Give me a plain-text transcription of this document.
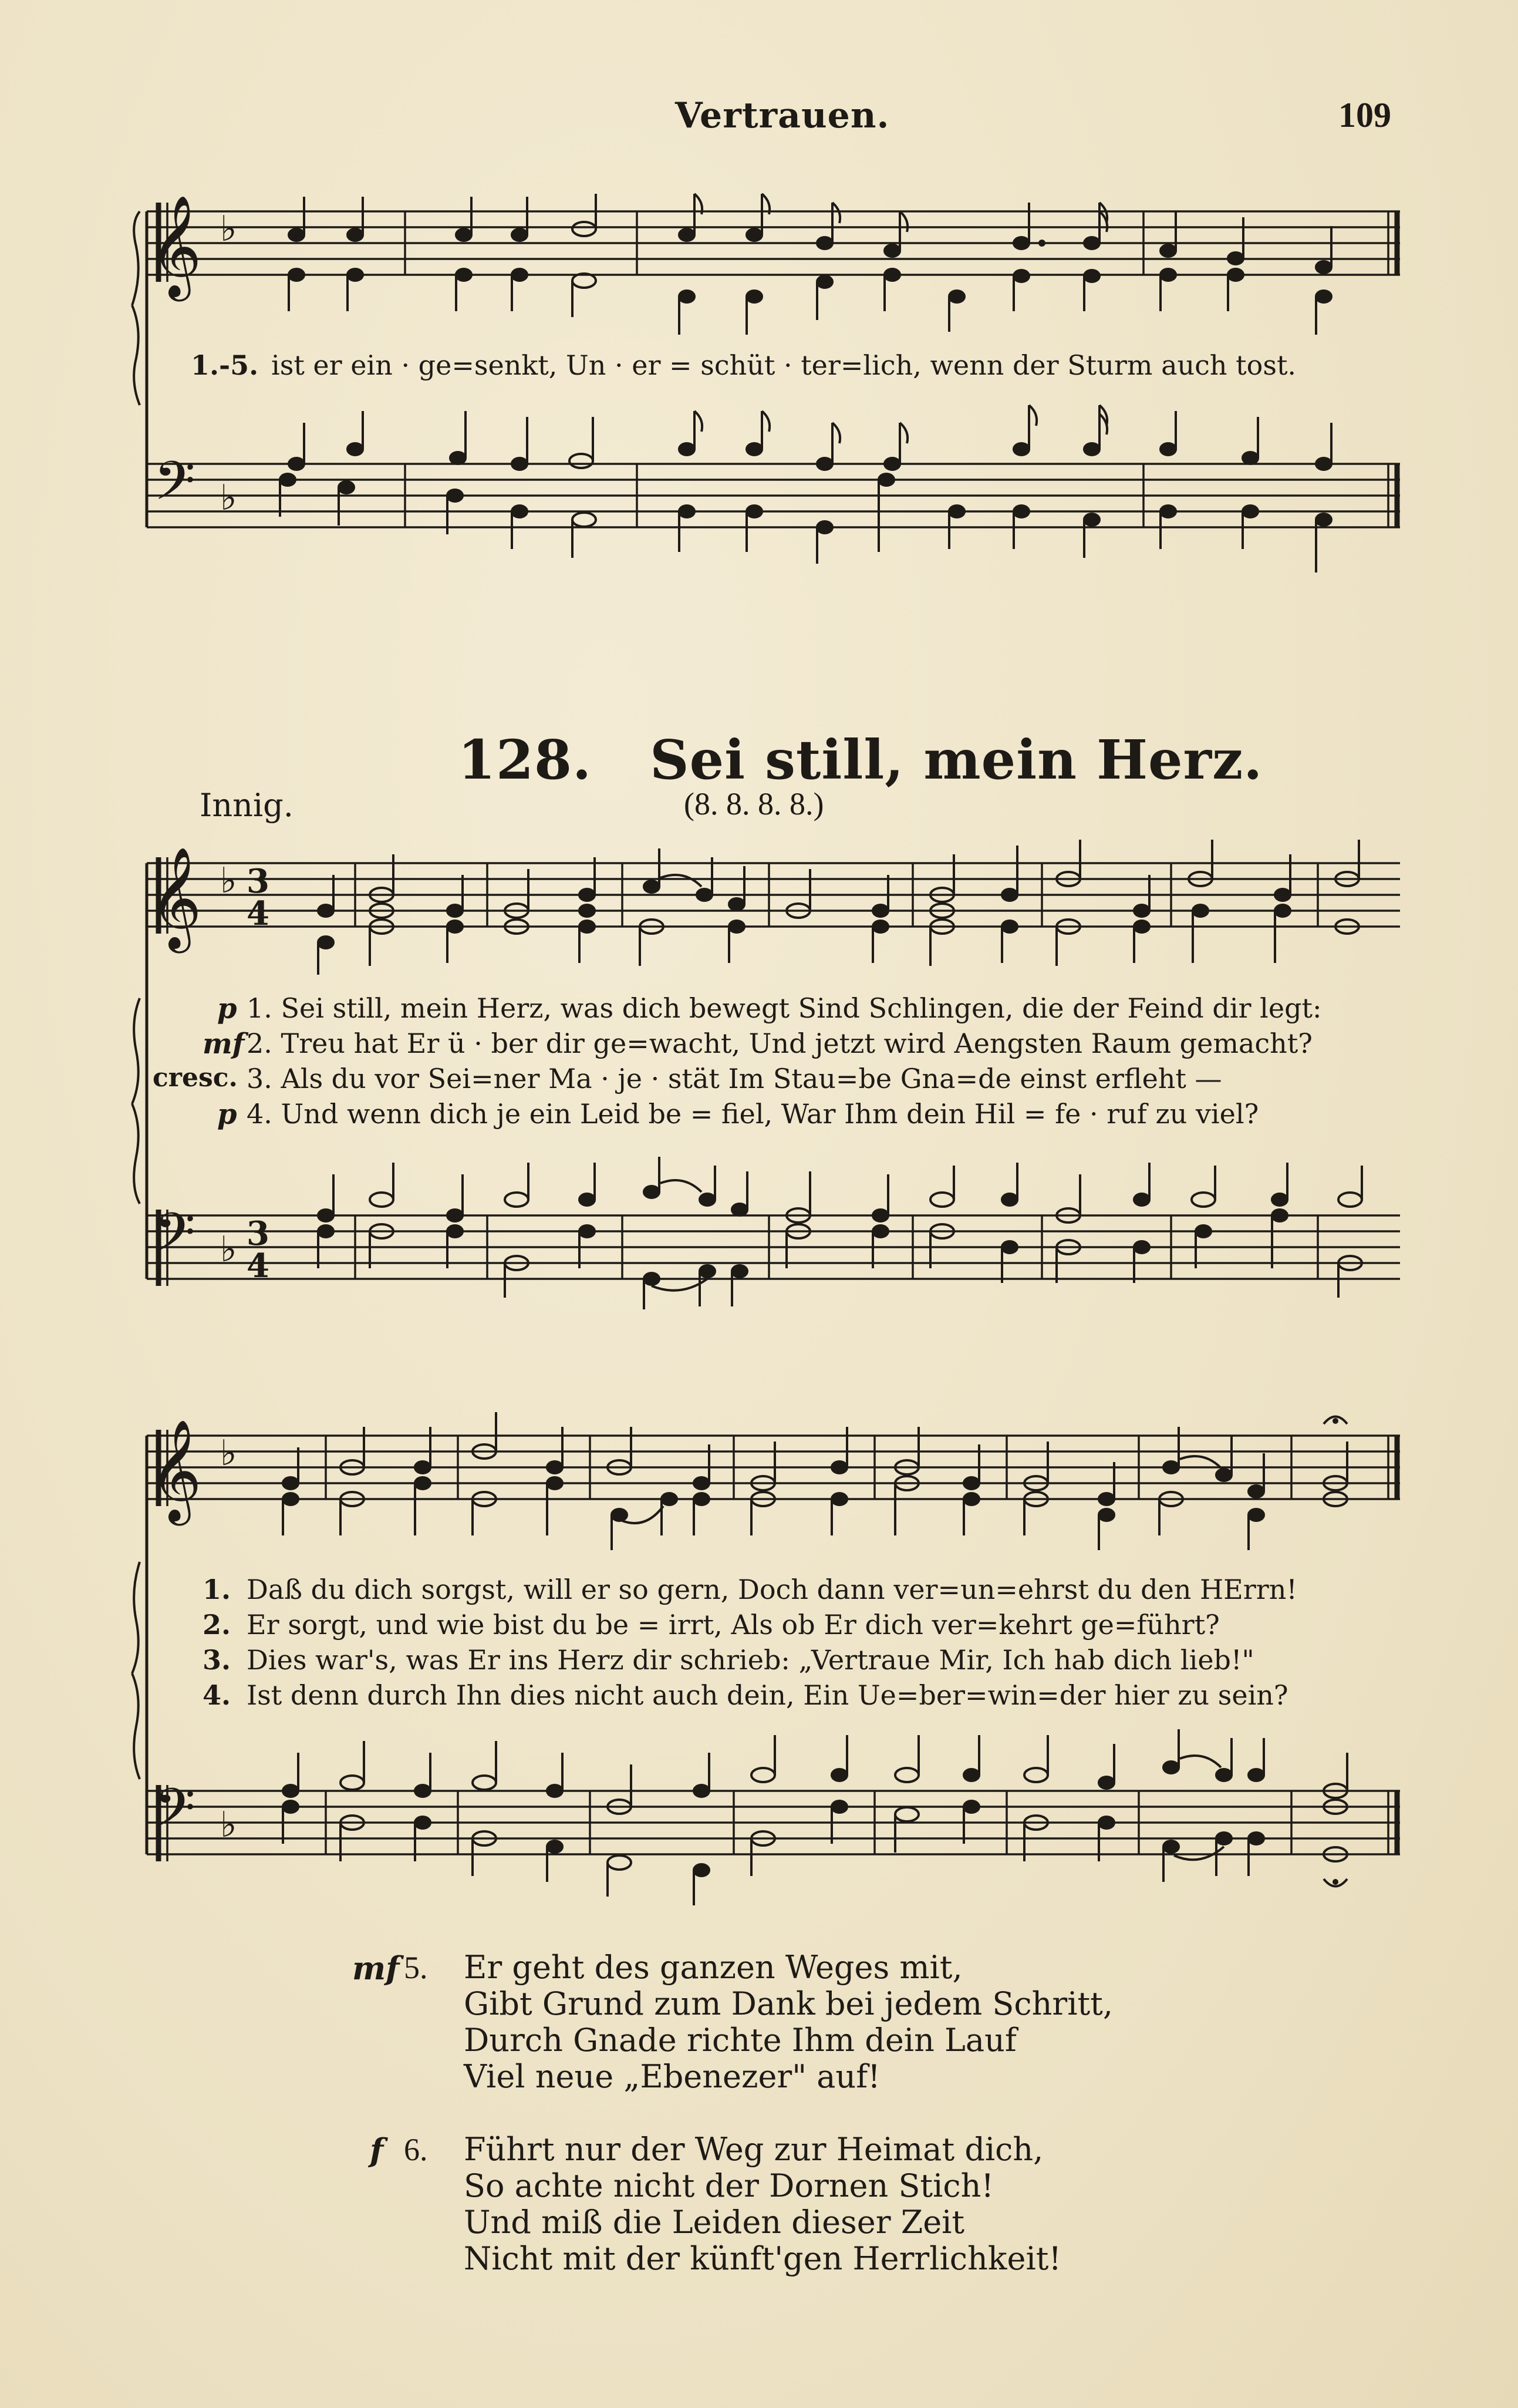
Vertrauen.	109
𝄞 ♭
𝄢 ♭
1.-5. ist er ein · ge=senkt, Un · er = schüt · ter=lich, wenn der Sturm auch tost.
128. Sei still, mein Herz.
Innig.	(8. 8. 8. 8.)
𝄞 ♭ 3
4
𝄢 ♭ 3
4
p 1. Sei still, mein Herz, was dich bewegt Sind Schlingen, die der Feind dir legt:
mf 2. Treu hat Er ü · ber dir ge=wacht, Und jetzt wird Aengsten Raum gemacht?
cresc. 3. Als du vor Sei=ner Ma · je · stät Im Stau=be Gna=de einst erfleht —
p 4. Und wenn dich je ein Leid be = fiel, War Ihm dein Hil = fe · ruf zu viel?
𝄞 ♭
𝄢 ♭
1. Daß du dich sorgst, will er so gern, Doch dann ver=un=ehrst du den HErrn!
2. Er sorgt, und wie bist du be = irrt, Als ob Er dich ver=kehrt ge=führt?
3. Dies war's, was Er ins Herz dir schrieb: „Vertraue Mir, Ich hab dich lieb!"
4. Ist denn durch Ihn dies nicht auch dein, Ein Ue=ber=win=der hier zu sein?
mf 5. Er geht des ganzen Weges mit,
Gibt Grund zum Dank bei jedem Schritt,
Durch Gnade richte Ihm dein Lauf
Viel neue „Ebenezer" auf!
f 6. Führt nur der Weg zur Heimat dich,
So achte nicht der Dornen Stich!
Und miß die Leiden dieser Zeit
Nicht mit der künft'gen Herrlichkeit!
